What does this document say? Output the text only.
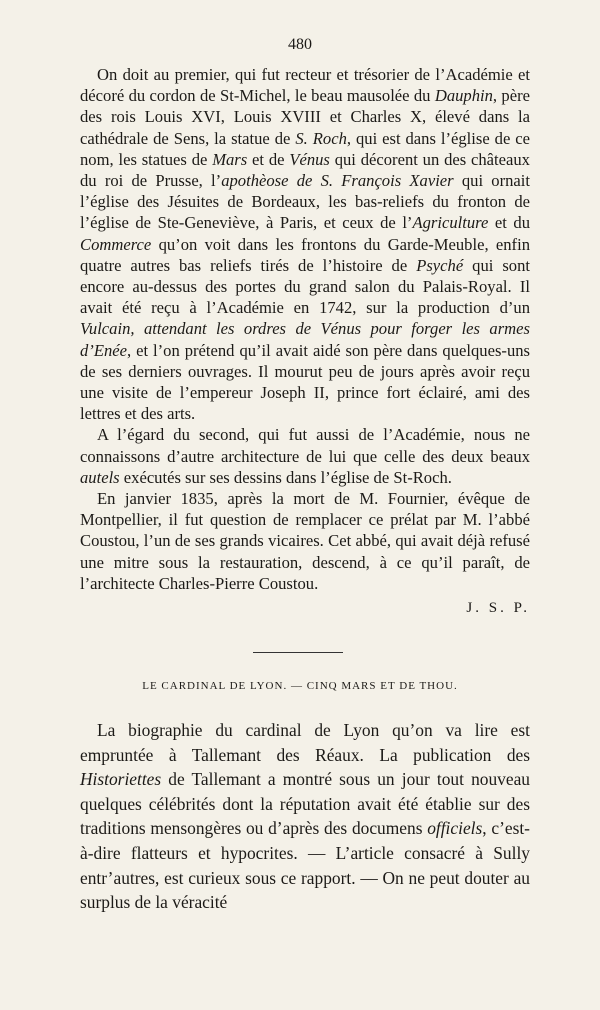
480

On doit au premier, qui fut recteur et trésorier de l’Académie et décoré du cordon de St-Michel, le beau mausolée du Dauphin, père des rois Louis XVI, Louis XVIII et Charles X, élevé dans la cathédrale de Sens, la statue de S. Roch, qui est dans l’église de ce nom, les statues de Mars et de Vénus qui décorent un des châteaux du roi de Prusse, l’apothèose de S. François Xavier qui ornait l’église des Jésuites de Bordeaux, les bas-reliefs du fronton de l’église de Ste-Geneviève, à Paris, et ceux de l’Agriculture et du Commerce qu’on voit dans les frontons du Garde-Meuble, enfin quatre autres bas reliefs tirés de l’histoire de Psyché qui sont encore au-dessus des portes du grand salon du Palais-Royal. Il avait été reçu à l’Académie en 1742, sur la production d’un Vulcain, attendant les ordres de Vénus pour forger les armes d’Enée, et l’on prétend qu’il avait aidé son père dans quelques-uns de ses derniers ouvrages. Il mourut peu de jours après avoir reçu une visite de l’empereur Joseph II, prince fort éclairé, ami des lettres et des arts.

A l’égard du second, qui fut aussi de l’Académie, nous ne connaissons d’autre architecture de lui que celle des deux beaux autels exécutés sur ses dessins dans l’église de St-Roch.

En janvier 1835, après la mort de M. Fournier, évêque de Montpellier, il fut question de remplacer ce prélat par M. l’abbé Coustou, l’un de ses grands vicaires. Cet abbé, qui avait déjà refusé une mitre sous la restauration, descend, à ce qu’il paraît, de l’architecte Charles-Pierre Coustou.

J. S. P.
LE CARDINAL DE LYON. — CINQ MARS ET DE THOU.

La biographie du cardinal de Lyon qu’on va lire est empruntée à Tallemant des Réaux. La publication des Historiettes de Tallemant a montré sous un jour tout nouveau quelques célébrités dont la réputation avait été établie sur des traditions mensongères ou d’après des documens officiels, c’est-à-dire flatteurs et hypocrites. — L’article consacré à Sully entr’autres, est curieux sous ce rapport. — On ne peut douter au surplus de la véracité
